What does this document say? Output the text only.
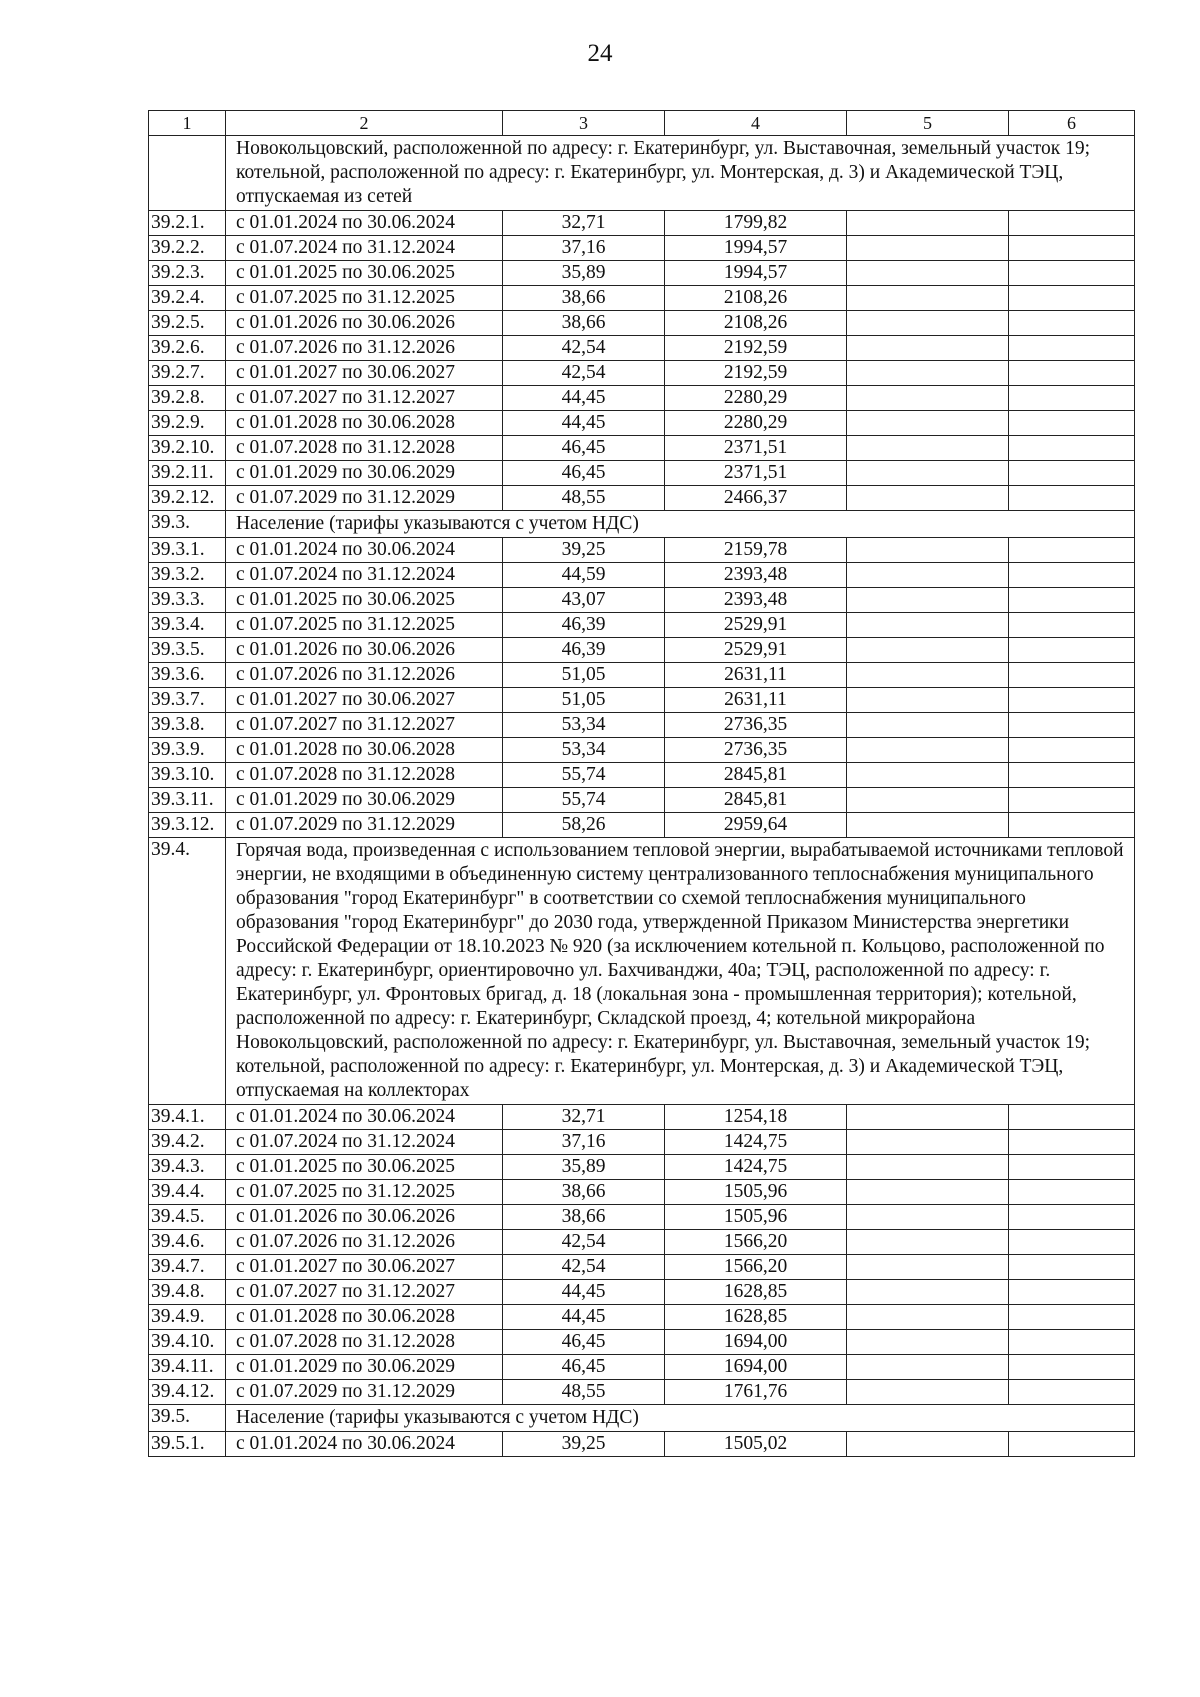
24
1	2	3	4	5	6
	Новокольцовский, расположенной по адресу: г. Екатеринбург, ул. Выставочная, земельный участок 19; котельной, расположенной по адресу: г. Екатеринбург, ул. Монтерская, д. 3) и Академической ТЭЦ, отпускаемая из сетей				
39.2.1.	с 01.01.2024 по 30.06.2024	32,71	1799,82		
39.2.2.	с 01.07.2024 по 31.12.2024	37,16	1994,57		
39.2.3.	с 01.01.2025 по 30.06.2025	35,89	1994,57		
39.2.4.	с 01.07.2025 по 31.12.2025	38,66	2108,26		
39.2.5.	с 01.01.2026 по 30.06.2026	38,66	2108,26		
39.2.6.	с 01.07.2026 по 31.12.2026	42,54	2192,59		
39.2.7.	с 01.01.2027 по 30.06.2027	42,54	2192,59		
39.2.8.	с 01.07.2027 по 31.12.2027	44,45	2280,29		
39.2.9.	с 01.01.2028 по 30.06.2028	44,45	2280,29		
39.2.10.	с 01.07.2028 по 31.12.2028	46,45	2371,51		
39.2.11.	с 01.01.2029 по 30.06.2029	46,45	2371,51		
39.2.12.	с 01.07.2029 по 31.12.2029	48,55	2466,37		
39.3.	Население (тарифы указываются с учетом НДС)				
39.3.1.	с 01.01.2024 по 30.06.2024	39,25	2159,78		
39.3.2.	с 01.07.2024 по 31.12.2024	44,59	2393,48		
39.3.3.	с 01.01.2025 по 30.06.2025	43,07	2393,48		
39.3.4.	с 01.07.2025 по 31.12.2025	46,39	2529,91		
39.3.5.	с 01.01.2026 по 30.06.2026	46,39	2529,91		
39.3.6.	с 01.07.2026 по 31.12.2026	51,05	2631,11		
39.3.7.	с 01.01.2027 по 30.06.2027	51,05	2631,11		
39.3.8.	с 01.07.2027 по 31.12.2027	53,34	2736,35		
39.3.9.	с 01.01.2028 по 30.06.2028	53,34	2736,35		
39.3.10.	с 01.07.2028 по 31.12.2028	55,74	2845,81		
39.3.11.	с 01.01.2029 по 30.06.2029	55,74	2845,81		
39.3.12.	с 01.07.2029 по 31.12.2029	58,26	2959,64		
39.4.	Горячая вода, произведенная с использованием тепловой энергии, вырабатываемой источниками тепловой энергии, не входящими в объединенную систему централизованного теплоснабжения муниципального образования "город Екатеринбург" в соответствии со схемой теплоснабжения муниципального образования "город Екатеринбург" до 2030 года, утвержденной Приказом Министерства энергетики Российской Федерации от 18.10.2023 № 920 (за исключением котельной п. Кольцово, расположенной по адресу: г. Екатеринбург, ориентировочно ул. Бахчиванджи, 40а; ТЭЦ, расположенной по адресу: г. Екатеринбург, ул. Фронтовых бригад, д. 18 (локальная зона - промышленная территория); котельной, расположенной по адресу: г. Екатеринбург, Складской проезд, 4; котельной микрорайона Новокольцовский, расположенной по адресу: г. Екатеринбург, ул. Выставочная, земельный участок 19; котельной, расположенной по адресу: г. Екатеринбург, ул. Монтерская, д. 3) и Академической ТЭЦ, отпускаемая на коллекторах				
39.4.1.	с 01.01.2024 по 30.06.2024	32,71	1254,18		
39.4.2.	с 01.07.2024 по 31.12.2024	37,16	1424,75		
39.4.3.	с 01.01.2025 по 30.06.2025	35,89	1424,75		
39.4.4.	с 01.07.2025 по 31.12.2025	38,66	1505,96		
39.4.5.	с 01.01.2026 по 30.06.2026	38,66	1505,96		
39.4.6.	с 01.07.2026 по 31.12.2026	42,54	1566,20		
39.4.7.	с 01.01.2027 по 30.06.2027	42,54	1566,20		
39.4.8.	с 01.07.2027 по 31.12.2027	44,45	1628,85		
39.4.9.	с 01.01.2028 по 30.06.2028	44,45	1628,85		
39.4.10.	с 01.07.2028 по 31.12.2028	46,45	1694,00		
39.4.11.	с 01.01.2029 по 30.06.2029	46,45	1694,00		
39.4.12.	с 01.07.2029 по 31.12.2029	48,55	1761,76		
39.5.	Население (тарифы указываются с учетом НДС)				
39.5.1.	с 01.01.2024 по 30.06.2024	39,25	1505,02		
